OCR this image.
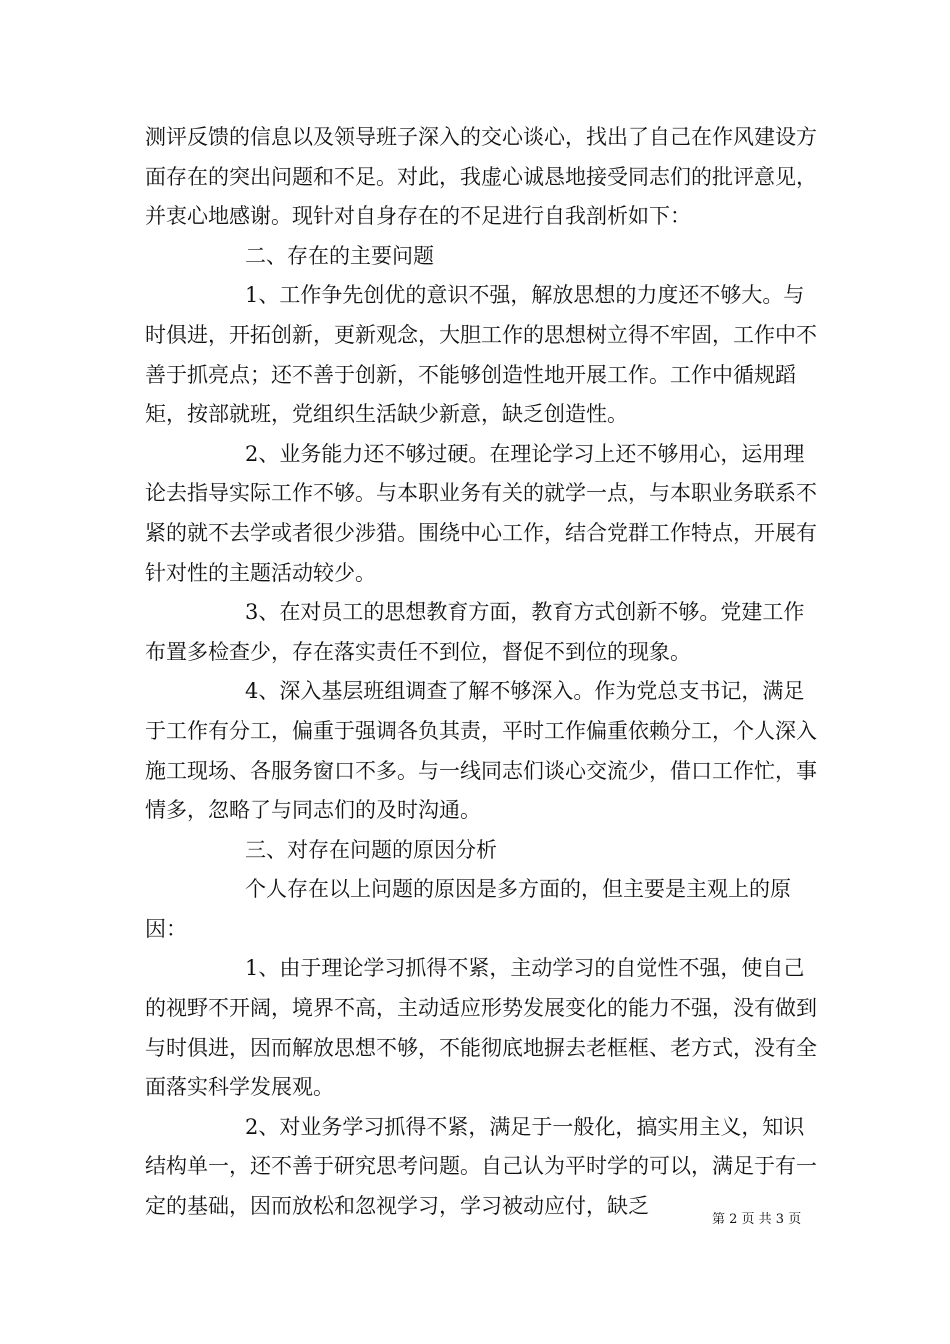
测评反馈的信息以及领导班子深入的交心谈心，找出了自己在作风建设方面存在的突出问题和不足。对此，我虚心诚恳地接受同志们的批评意见，并衷心地感谢。现针对自身存在的不足进行自我剖析如下：

二、存在的主要问题

1、工作争先创优的意识不强，解放思想的力度还不够大。与时俱进，开拓创新，更新观念，大胆工作的思想树立得不牢固，工作中不善于抓亮点；还不善于创新，不能够创造性地开展工作。工作中循规蹈矩，按部就班，党组织生活缺少新意，缺乏创造性。

2、业务能力还不够过硬。在理论学习上还不够用心，运用理论去指导实际工作不够。与本职业务有关的就学一点，与本职业务联系不紧的就不去学或者很少涉猎。围绕中心工作，结合党群工作特点，开展有针对性的主题活动较少。

3、在对员工的思想教育方面，教育方式创新不够。党建工作布置多检查少，存在落实责任不到位，督促不到位的现象。

4、深入基层班组调查了解不够深入。作为党总支书记，满足于工作有分工，偏重于强调各负其责，平时工作偏重依赖分工，个人深入施工现场、各服务窗口不多。与一线同志们谈心交流少，借口工作忙，事情多，忽略了与同志们的及时沟通。

三、对存在问题的原因分析

个人存在以上问题的原因是多方面的，但主要是主观上的原因：

1、由于理论学习抓得不紧，主动学习的自觉性不强，使自己的视野不开阔，境界不高，主动适应形势发展变化的能力不强，没有做到与时俱进，因而解放思想不够，不能彻底地摒去老框框、老方式，没有全面落实科学发展观。

2、对业务学习抓得不紧，满足于一般化，搞实用主义，知识结构单一，还不善于研究思考问题。自己认为平时学的可以，满足于有一定的基础，因而放松和忽视学习，学习被动应付，缺乏

第 2 页 共 3 页
